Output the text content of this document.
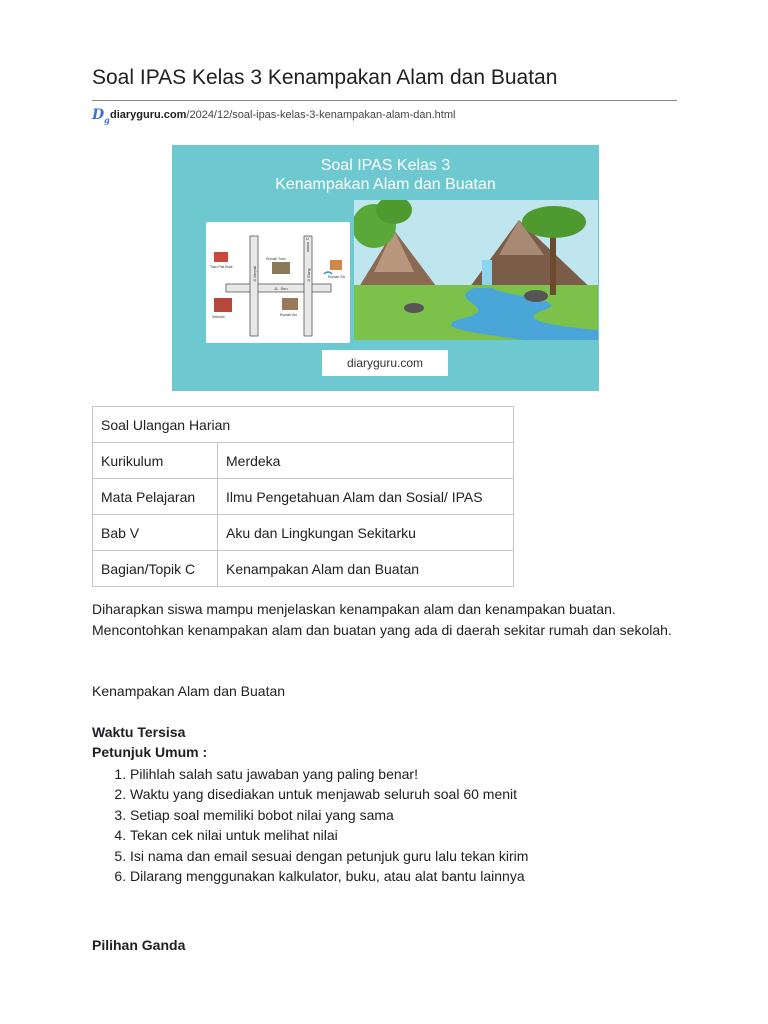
Soal IPAS Kelas 3 Kenampakan Alam dan Buatan
$D_g$ diaryguru.com /2024/12/soal-ipas-kelas-3-kenampakan-alam-dan.html
Soal IPAS Kelas 3
Kenampakan Alam dan Buatan
JL. Seo
Jl. Merpati	Jl. Elang
U
Toko Pak Budi
Rumah Tono
Rumah SA
Sekolah	Rumah Ani
diaryguru.com
Soal Ulangan Harian	
Kurikulum	Merdeka
Mata Pelajaran	Ilmu Pengetahuan Alam dan Sosial/ IPAS
Bab V	Aku dan Lingkungan Sekitarku
Bagian/Topik C	Kenampakan Alam dan Buatan

Diharapkan siswa mampu menjelaskan kenampakan alam dan kenampakan buatan. Mencontohkan kenampakan alam dan buatan yang ada di daerah sekitar rumah dan sekolah.

Kenampakan Alam dan Buatan
Waktu Tersisa
Petunjuk Umum :
1. Pilihlah salah satu jawaban yang paling benar!
2. Waktu yang disediakan untuk menjawab seluruh soal 60 menit
3. Setiap soal memiliki bobot nilai yang sama
4. Tekan cek nilai untuk melihat nilai
5. Isi nama dan email sesuai dengan petunjuk guru lalu tekan kirim
6. Dilarang menggunakan kalkulator, buku, atau alat bantu lainnya
Pilihan Ganda
